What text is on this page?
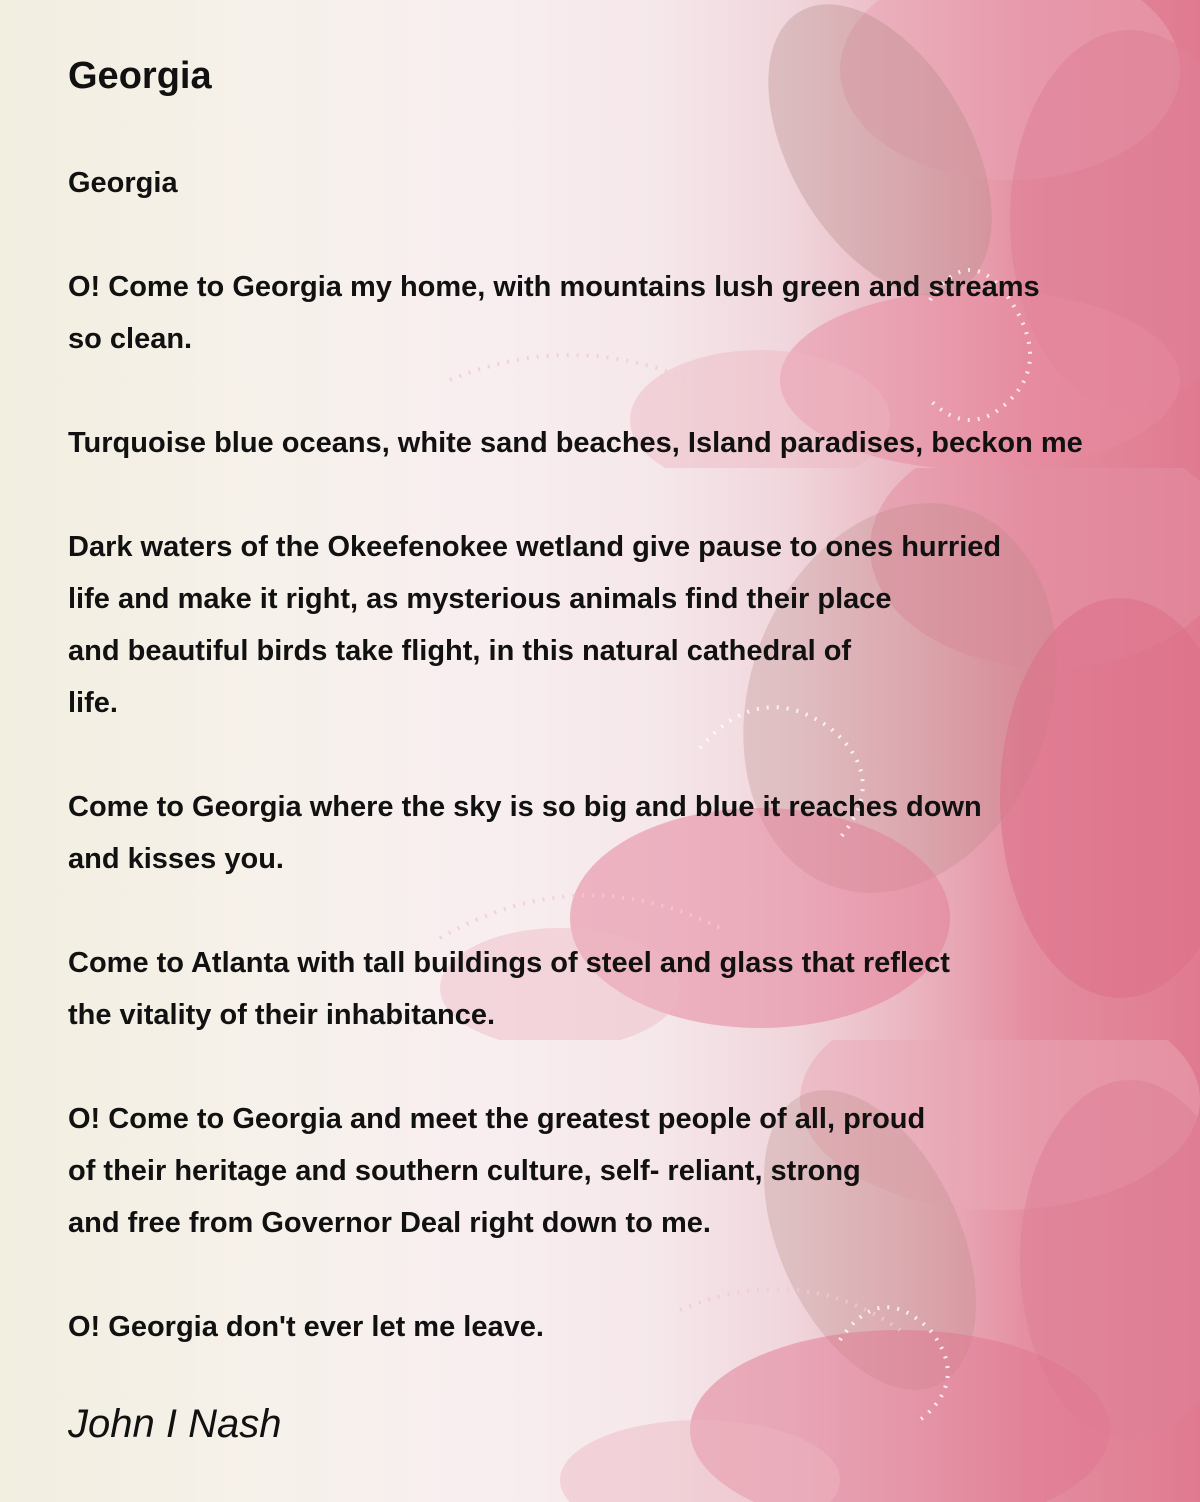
Georgia

Georgia

O! Come to Georgia my home, with mountains lush green and streams
so clean.

Turquoise blue oceans, white sand beaches, Island paradises, beckon me

Dark waters of the Okeefenokee wetland give pause to ones hurried
life and make it right, as mysterious animals find their place
and beautiful birds take flight, in this natural cathedral of
life.

Come to Georgia where the sky is so big and blue it reaches down
and kisses you.

Come to Atlanta with tall buildings of steel and glass that reflect
the vitality of their inhabitance.

O! Come to Georgia and meet the greatest people of all, proud
of their heritage and southern culture, self- reliant, strong
and free from Governor Deal right down to me.

O! Georgia don't ever let me leave.

John I Nash
